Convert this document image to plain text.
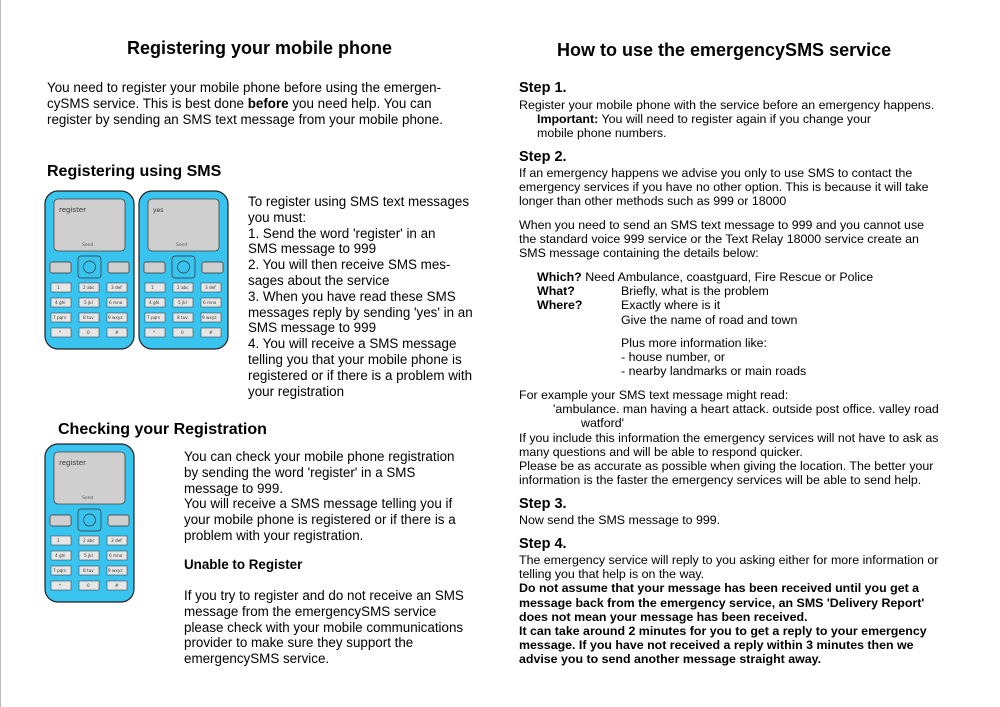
Registering your mobile phone
You need to register your mobile phone before using the emergen-
cySMS service. This is best done before you need help. You can
register by sending an SMS text message from your mobile phone.
Registering using SMS
register
Send
1	2 abc	3 def
4 ghi	5 jkl	6 mno
7 pqrs	8 tuv	9 wxyz
*	0	#
yes
Send
1	2 abc	3 def
4 ghi	5 jkl	6 mno
7 pqrs	8 tuv	9 wxyz
*	0	#
To register using SMS text messages
you must:
1. Send the word 'register' in an
SMS message to 999
2. You will then receive SMS mes-
sages about the service
3. When you have read these SMS
messages reply by sending 'yes' in an
SMS message to 999
4. You will receive a SMS message
telling you that your mobile phone is
registered or if there is a problem with
your registration
Checking your Registration
register
Send
1	2 abc	3 def
4 ghi	5 jkl	6 mno
7 pqrs	8 tuv	9 wxyz
*	0	#
You can check your mobile phone registration
by sending the word 'register' in a SMS
message to 999.
You will receive a SMS message telling you if
your mobile phone is registered or if there is a
problem with your registration.
Unable to Register
If you try to register and do not receive an SMS
message from the emergencySMS service
please check with your mobile communications
provider to make sure they support the
emergencySMS service.
How to use the emergencySMS service
Step 1.
Register your mobile phone with the service before an emergency happens.
Important: You will need to register again if you change your
mobile phone numbers.
Step 2.
If an emergency happens we advise you only to use SMS to contact the
emergency services if you have no other option. This is because it will take
longer than other methods such as 999 or 18000
When you need to send an SMS text message to 999 and you cannot use
the standard voice 999 service or the Text Relay 18000 service create an
SMS message containing the details below:
Which? Need Ambulance, coastguard, Fire Rescue or Police
What?	Briefly, what is the problem
Where?	Exactly where is it
Give the name of road and town
Plus more information like:
- house number, or
- nearby landmarks or main roads
For example your SMS text message might read:
'ambulance. man having a heart attack. outside post office. valley road
watford'
If you include this information the emergency services will not have to ask as
many questions and will be able to respond quicker.
Please be as accurate as possible when giving the location. The better your
information is the faster the emergency services will be able to send help.
Step 3.
Now send the SMS message to 999.
Step 4.
The emergency service will reply to you asking either for more information or
telling you that help is on the way.
Do not assume that your message has been received until you get a
message back from the emergency service, an SMS 'Delivery Report'
does not mean your message has been received.
It can take around 2 minutes for you to get a reply to your emergency
message. If you have not received a reply within 3 minutes then we
advise you to send another message straight away.
